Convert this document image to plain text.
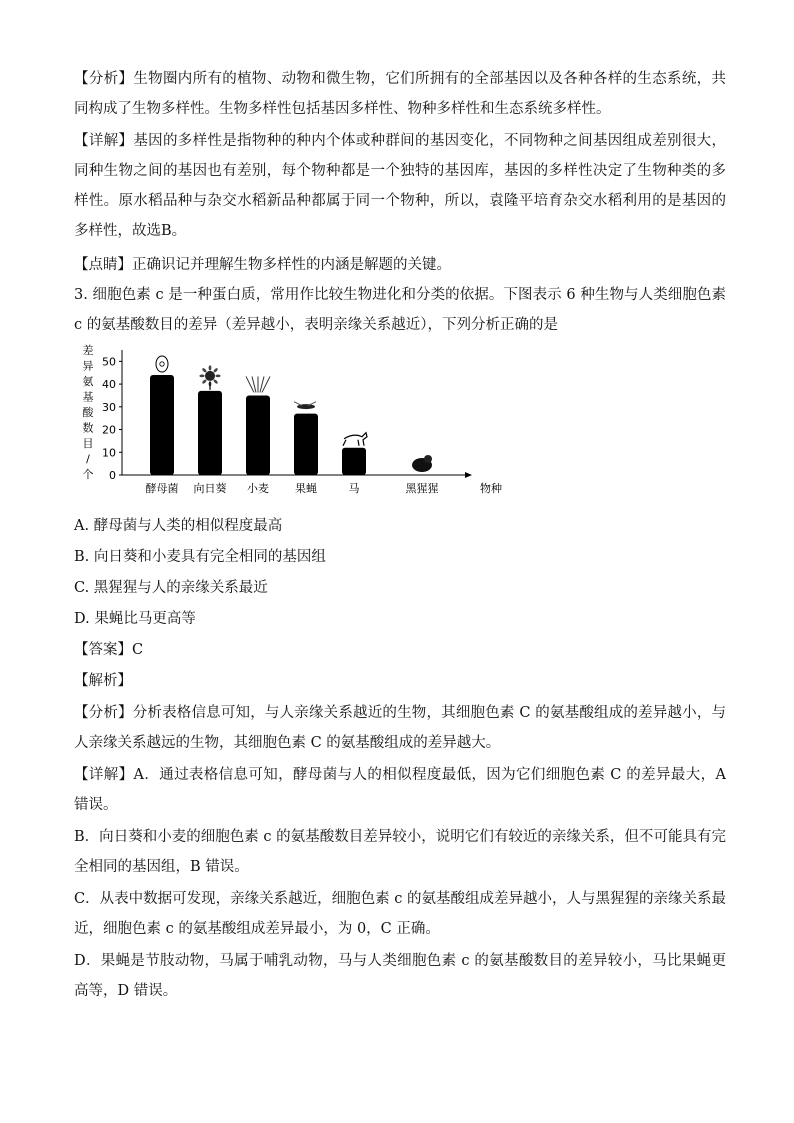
【分析】生物圈内所有的植物、动物和微生物，它们所拥有的全部基因以及各种各样的生态系统，共同构成了生物多样性。生物多样性包括基因多样性、物种多样性和生态系统多样性。

【详解】基因的多样性是指物种的种内个体或种群间的基因变化，不同物种之间基因组成差别很大，同种生物之间的基因也有差别，每个物种都是一个独特的基因库，基因的多样性决定了生物种类的多样性。原水稻品种与杂交水稻新品种都属于同一个物种，所以，袁隆平培育杂交水稻利用的是基因的多样性，故选B。

【点睛】正确识记并理解生物多样性的内涵是解题的关键。

3. 细胞色素 c 是一种蛋白质，常用作比较生物进化和分类的依据。下图表示 6 种生物与人类细胞色素 c 的氨基酸数目的差异（差异越小，表明亲缘关系越近），下列分析正确的是

差异氨基酸数目/个 0
10
20
30
40
50
酵母菌 向日葵 小麦 果蝇	马	黑猩猩	物种

A. 酵母菌与人类的相似程度最高

B. 向日葵和小麦具有完全相同的基因组

C. 黑猩猩与人的亲缘关系最近

D. 果蝇比马更高等

【答案】C

【解析】

【分析】分析表格信息可知，与人亲缘关系越近的生物，其细胞色素 C 的氨基酸组成的差异越小，与人亲缘关系越远的生物，其细胞色素 C 的氨基酸组成的差异越大。

【详解】A．通过表格信息可知，酵母菌与人的相似程度最低，因为它们细胞色素 C 的差异最大，A 错误。

B．向日葵和小麦的细胞色素 c 的氨基酸数目差异较小，说明它们有较近的亲缘关系，但不可能具有完全相同的基因组，B 错误。

C．从表中数据可发现，亲缘关系越近，细胞色素 c 的氨基酸组成差异越小，人与黑猩猩的亲缘关系最近，细胞色素 c 的氨基酸组成差异最小，为 0，C 正确。

D．果蝇是节肢动物，马属于哺乳动物，马与人类细胞色素 c 的氨基酸数目的差异较小，马比果蝇更高等，D 错误。
